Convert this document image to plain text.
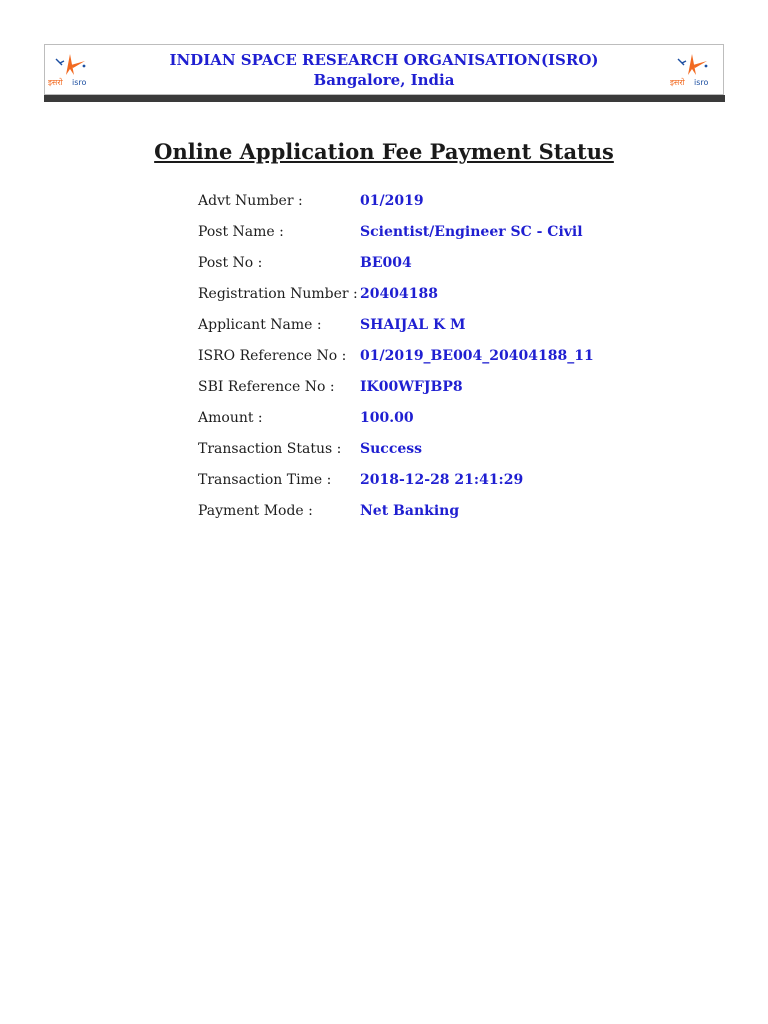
इसरो isro
INDIAN SPACE RESEARCH ORGANISATION(ISRO)
Bangalore, India	इसरो isro
Online Application Fee Payment Status
Advt Number :	01/2019
Post Name :	Scientist/Engineer SC - Civil
Post No :	BE004
Registration Number : 20404188
Applicant Name :	SHAIJAL K M
ISRO Reference No : 01/2019_BE004_20404188_11
SBI Reference No :	IK00WFJBP8
Amount :	100.00
Transaction Status :	Success
Transaction Time :	2018-12-28 21:41:29
Payment Mode :	Net Banking
